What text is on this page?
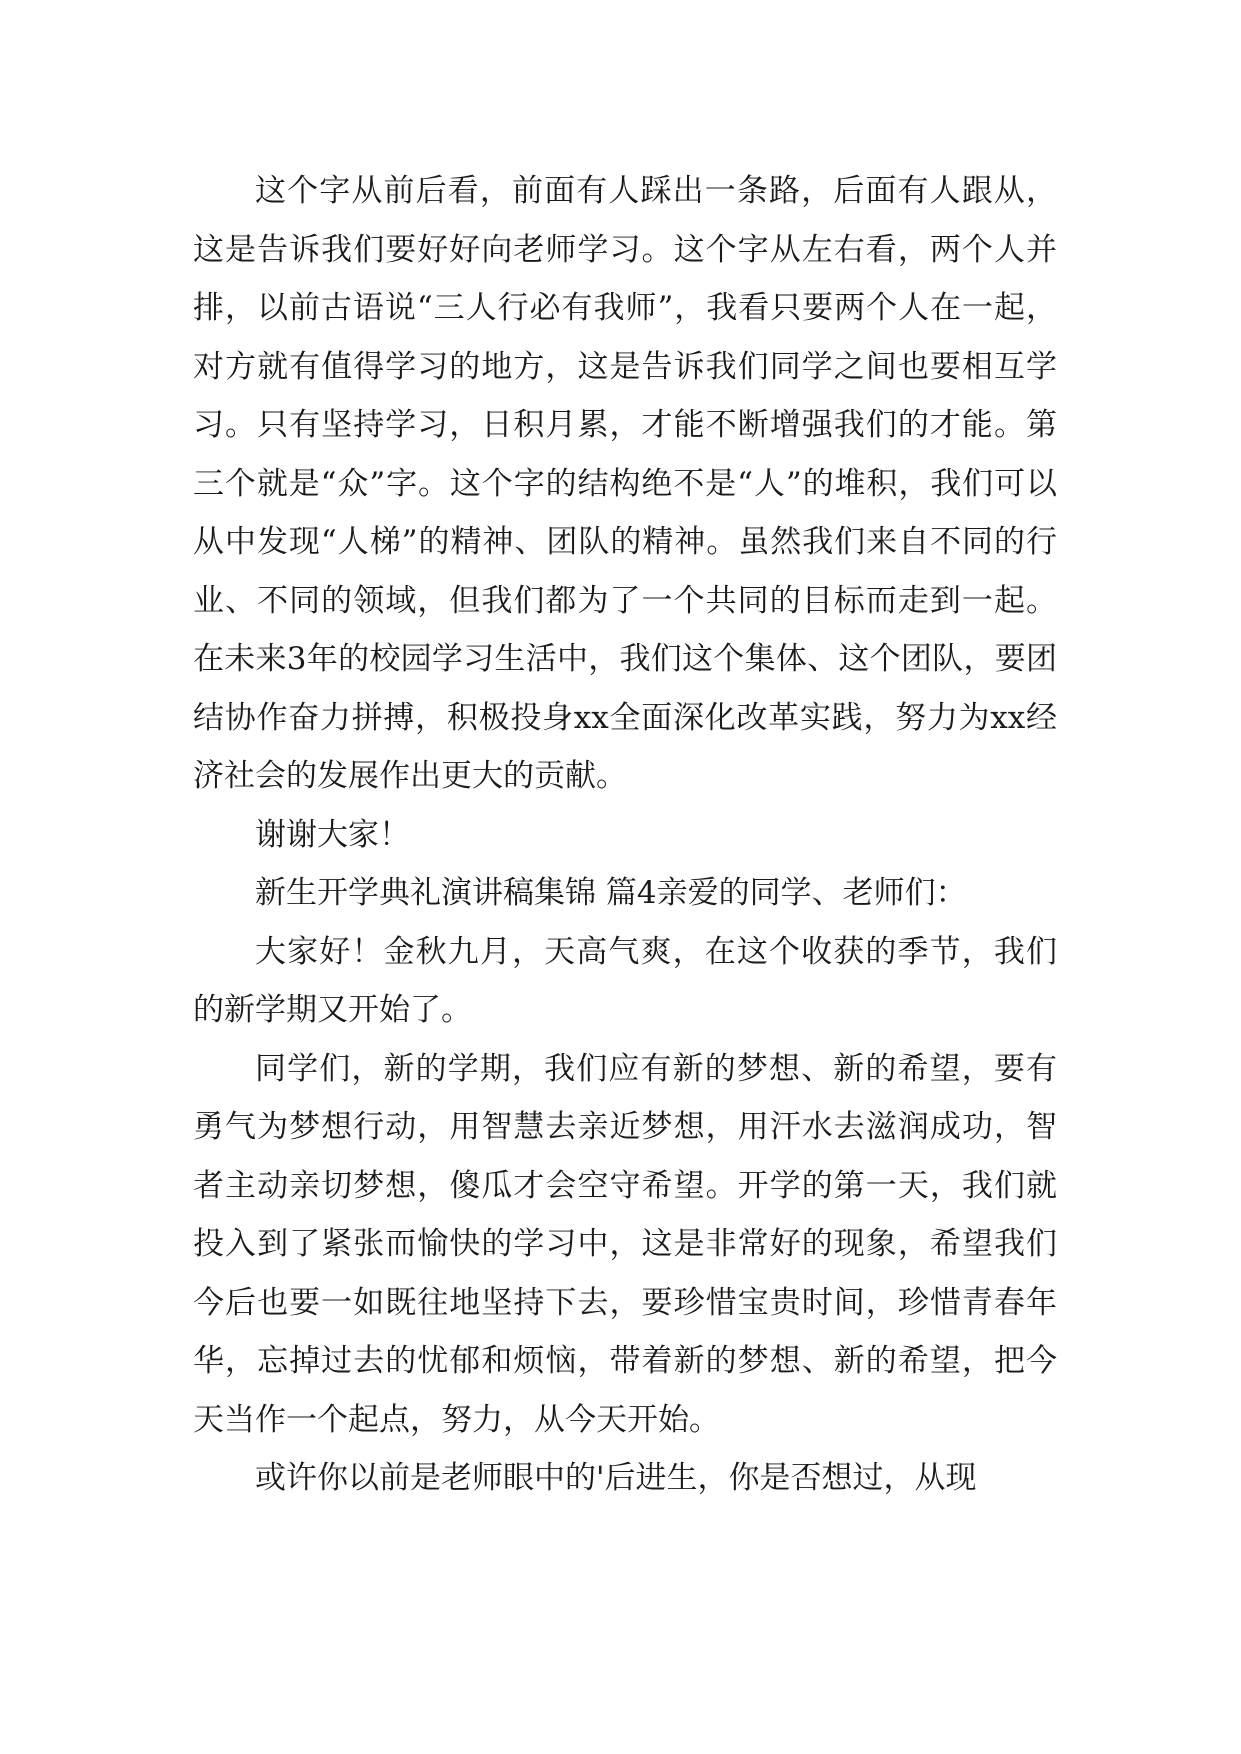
这个字从前后看，前面有人踩出一条路，后面有人跟从，这是告诉我们要好好向老师学习。这个字从左右看，两个人并排，以前古语说“三人行必有我师”，我看只要两个人在一起，对方就有值得学习的地方，这是告诉我们同学之间也要相互学习。只有坚持学习，日积月累，才能不断增强我们的才能。第三个就是“众”字。这个字的结构绝不是“人”的堆积，我们可以从中发现“人梯”的精神、团队的精神。虽然我们来自不同的行业、不同的领域，但我们都为了一个共同的目标而走到一起。在未来3年的校园学习生活中，我们这个集体、这个团队，要团结协作奋力拼搏，积极投身xx全面深化改革实践，努力为xx经济社会的发展作出更大的贡献。

谢谢大家！

新生开学典礼演讲稿集锦 篇4亲爱的同学、老师们：

大家好！金秋九月，天高气爽，在这个收获的季节，我们的新学期又开始了。

同学们，新的学期，我们应有新的梦想、新的希望，要有勇气为梦想行动，用智慧去亲近梦想，用汗水去滋润成功，智者主动亲切梦想，傻瓜才会空守希望。开学的第一天，我们就投入到了紧张而愉快的学习中，这是非常好的现象，希望我们今后也要一如既往地坚持下去，要珍惜宝贵时间，珍惜青春年华，忘掉过去的忧郁和烦恼，带着新的梦想、新的希望，把今天当作一个起点，努力，从今天开始。

或许你以前是老师眼中的'后进生，你是否想过，从现
